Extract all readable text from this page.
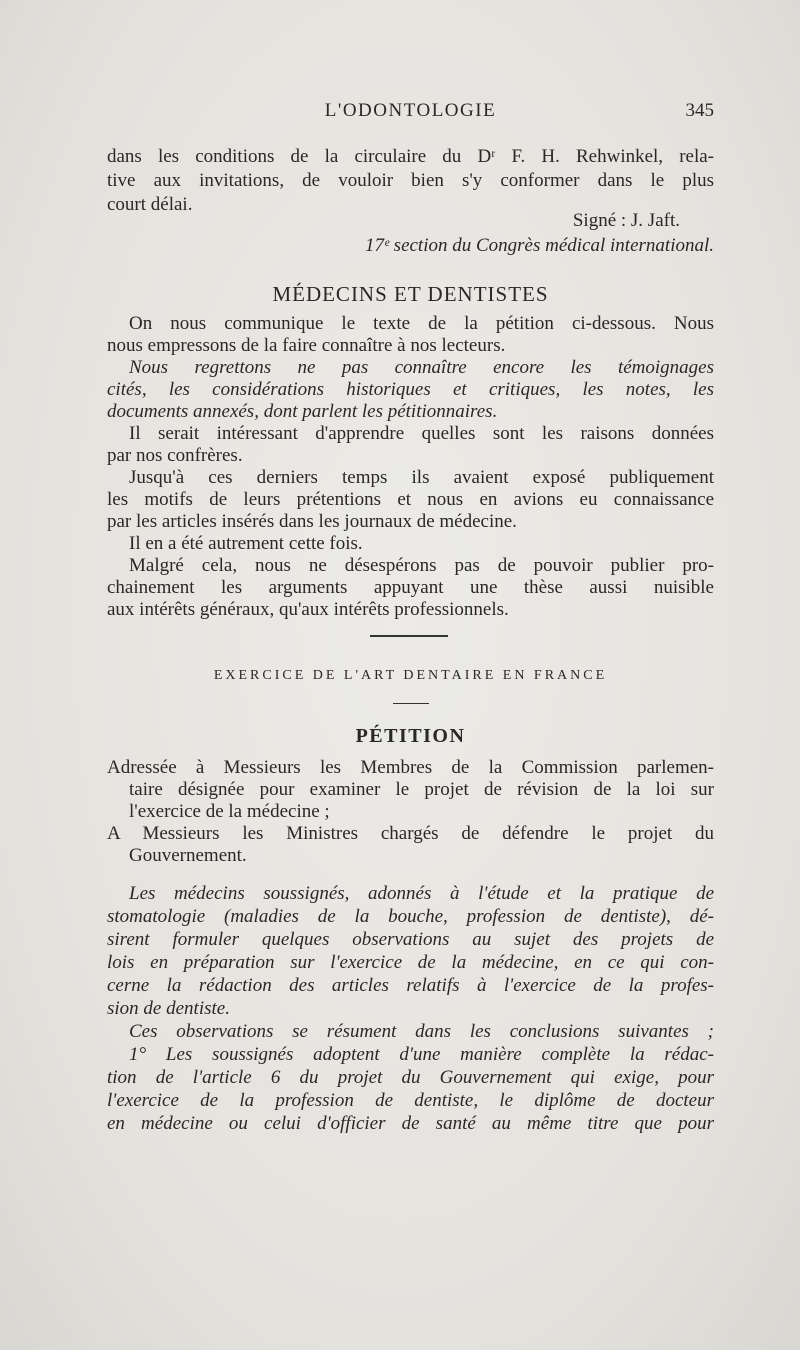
L'ODONTOLOGIE	345
dans les conditions de la circulaire du Dʳ F. H. Rehwinkel, rela-
tive aux invitations, de vouloir bien s'y conformer dans le plus
court délai.
Signé : J. Jaft.
17ᵉ section du Congrès médical international.
MÉDECINS ET DENTISTES
On nous communique le texte de la pétition ci-dessous. Nous
nous empressons de la faire connaître à nos lecteurs.
Nous regrettons ne pas connaître encore les témoignages
cités, les considérations historiques et critiques, les notes, les
documents annexés, dont parlent les pétitionnaires.
Il serait intéressant d'apprendre quelles sont les raisons données
par nos confrères.
Jusqu'à ces derniers temps ils avaient exposé publiquement
les motifs de leurs prétentions et nous en avions eu connaissance
par les articles insérés dans les journaux de médecine.
Il en a été autrement cette fois.
Malgré cela, nous ne désespérons pas de pouvoir publier pro-
chainement les arguments appuyant une thèse aussi nuisible
aux intérêts généraux, qu'aux intérêts professionnels.
EXERCICE DE L'ART DENTAIRE EN FRANCE
PÉTITION
Adressée à Messieurs les Membres de la Commission parlemen-
taire désignée pour examiner le projet de révision de la loi sur
l'exercice de la médecine ;
A Messieurs les Ministres chargés de défendre le projet du
Gouvernement.
Les médecins soussignés, adonnés à l'étude et la pratique de
stomatologie (maladies de la bouche, profession de dentiste), dé-
sirent formuler quelques observations au sujet des projets de
lois en préparation sur l'exercice de la médecine, en ce qui con-
cerne la rédaction des articles relatifs à l'exercice de la profes-
sion de dentiste.
Ces observations se résument dans les conclusions suivantes ;
1° Les soussignés adoptent d'une manière complète la rédac-
tion de l'article 6 du projet du Gouvernement qui exige, pour
l'exercice de la profession de dentiste, le diplôme de docteur
en médecine ou celui d'officier de santé au même titre que pour
